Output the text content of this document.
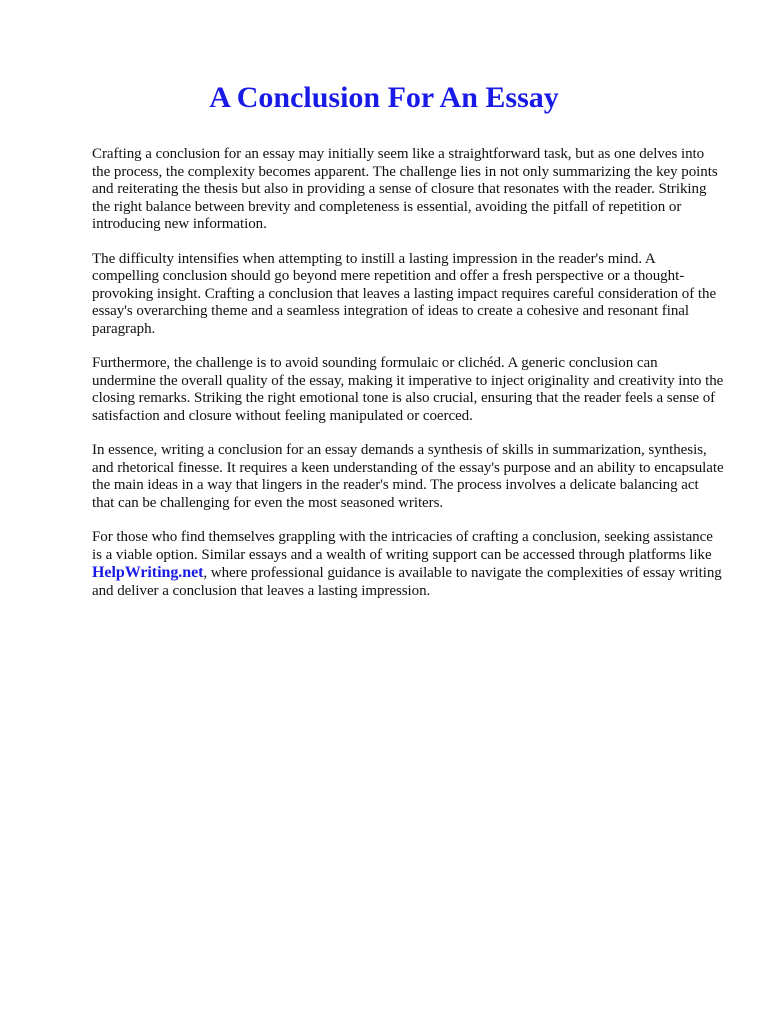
A Conclusion For An Essay

Crafting a conclusion for an essay may initially seem like a straightforward task, but as one delves into the process, the complexity becomes apparent. The challenge lies in not only summarizing the key points and reiterating the thesis but also in providing a sense of closure that resonates with the reader. Striking the right balance between brevity and completeness is essential, avoiding the pitfall of repetition or introducing new information.

The difficulty intensifies when attempting to instill a lasting impression in the reader's mind. A compelling conclusion should go beyond mere repetition and offer a fresh perspective or a thought-provoking insight. Crafting a conclusion that leaves a lasting impact requires careful consideration of the essay's overarching theme and a seamless integration of ideas to create a cohesive and resonant final paragraph.

Furthermore, the challenge is to avoid sounding formulaic or clichéd. A generic conclusion can undermine the overall quality of the essay, making it imperative to inject originality and creativity into the closing remarks. Striking the right emotional tone is also crucial, ensuring that the reader feels a sense of satisfaction and closure without feeling manipulated or coerced.

In essence, writing a conclusion for an essay demands a synthesis of skills in summarization, synthesis, and rhetorical finesse. It requires a keen understanding of the essay's purpose and an ability to encapsulate the main ideas in a way that lingers in the reader's mind. The process involves a delicate balancing act that can be challenging for even the most seasoned writers.

For those who find themselves grappling with the intricacies of crafting a conclusion, seeking assistance is a viable option. Similar essays and a wealth of writing support can be accessed through platforms like HelpWriting.net, where professional guidance is available to navigate the complexities of essay writing and deliver a conclusion that leaves a lasting impression.
